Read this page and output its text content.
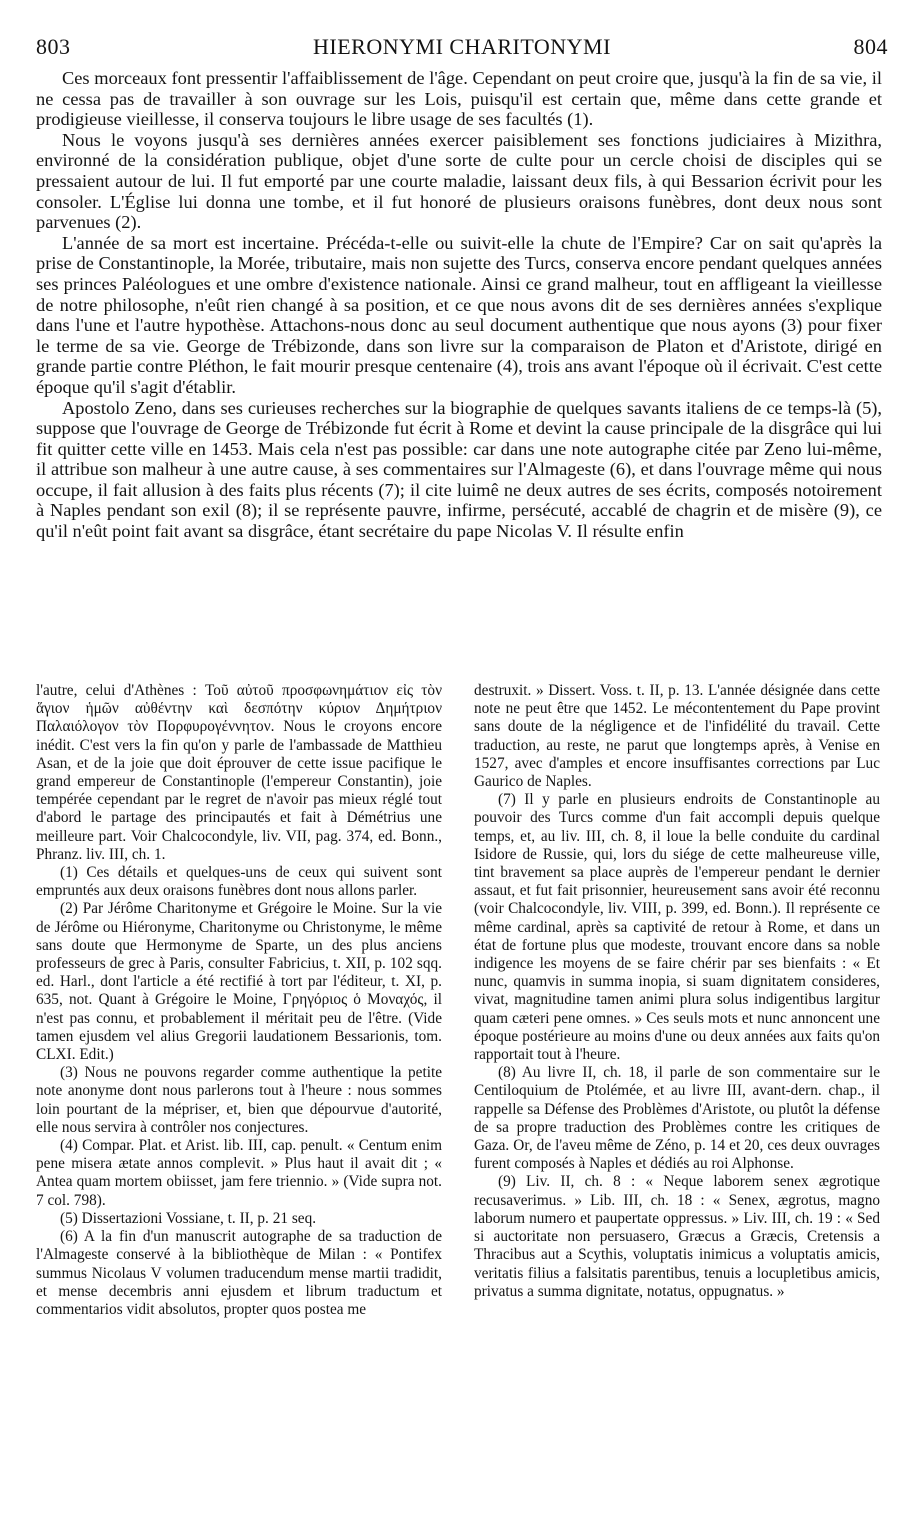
803	HIERONYMI CHARITONYMI	804

Ces morceaux font pressentir l'affaiblissement de l'âge. Cependant on peut croire que, jusqu'à la fin de sa vie, il ne cessa pas de travailler à son ouvrage sur les Lois, puisqu'il est certain que, même dans cette grande et prodigieuse vieillesse, il conserva toujours le libre usage de ses facultés (1).

Nous le voyons jusqu'à ses dernières années exercer paisiblement ses fonctions judiciaires à Mizithra, environné de la considération publique, objet d'une sorte de culte pour un cercle choisi de disciples qui se pressaient autour de lui. Il fut emporté par une courte maladie, laissant deux fils, à qui Bessarion écrivit pour les consoler. L'Église lui donna une tombe, et il fut honoré de plusieurs oraisons funèbres, dont deux nous sont parvenues (2).

L'année de sa mort est incertaine. Précéda-t-elle ou suivit-elle la chute de l'Empire? Car on sait qu'après la prise de Constantinople, la Morée, tributaire, mais non sujette des Turcs, conserva encore pendant quelques années ses princes Paléologues et une ombre d'existence nationale. Ainsi ce grand malheur, tout en affligeant la vieillesse de notre philosophe, n'eût rien changé à sa position, et ce que nous avons dit de ses dernières années s'explique dans l'une et l'autre hypothèse. Attachons-nous donc au seul document authentique que nous ayons (3) pour fixer le terme de sa vie. George de Trébizonde, dans son livre sur la comparaison de Platon et d'Aristote, dirigé en grande partie contre Pléthon, le fait mourir presque centenaire (4), trois ans avant l'époque où il écrivait. C'est cette époque qu'il s'agit d'établir.

Apostolo Zeno, dans ses curieuses recherches sur la biographie de quelques savants italiens de ce temps-là (5), suppose que l'ouvrage de George de Trébizonde fut écrit à Rome et devint la cause principale de la disgrâce qui lui fit quitter cette ville en 1453. Mais cela n'est pas possible: car dans une note autographe citée par Zeno lui-même, il attribue son malheur à une autre cause, à ses commentaires sur l'Almageste (6), et dans l'ouvrage même qui nous occupe, il fait allusion à des faits plus récents (7); il cite luimê ne deux autres de ses écrits, composés notoirement à Naples pendant son exil (8); il se représente pauvre, infirme, persécuté, accablé de chagrin et de misère (9), ce qu'il n'eût point fait avant sa disgrâce, étant secrétaire du pape Nicolas V. Il résulte enfin

l'autre, celui d'Athènes : Τοῦ αὐτοῦ προσφωνημάτιον εἰς τὸν ἅγιον ἡμῶν αὐθέντην καὶ δεσπότην κύριον Δημήτριον Παλαιόλογον τὸν Πορφυρογέννητον. Nous le croyons encore inédit. C'est vers la fin qu'on y parle de l'ambassade de Matthieu Asan, et de la joie que doit éprouver de cette issue pacifique le grand empereur de Constantinople (l'empereur Constantin), joie tempérée cependant par le regret de n'avoir pas mieux réglé tout d'abord le partage des principautés et fait à Démétrius une meilleure part. Voir Chalcocondyle, liv. VII, pag. 374, ed. Bonn., Phranz. liv. III, ch. 1.

(1) Ces détails et quelques-uns de ceux qui suivent sont empruntés aux deux oraisons funèbres dont nous allons parler.

(2) Par Jérôme Charitonyme et Grégoire le Moine. Sur la vie de Jérôme ou Hiéronyme, Charitonyme ou Christonyme, le même sans doute que Hermonyme de Sparte, un des plus anciens professeurs de grec à Paris, consulter Fabricius, t. XII, p. 102 sqq. ed. Harl., dont l'article a été rectifié à tort par l'éditeur, t. XI, p. 635, not. Quant à Grégoire le Moine, Γρηγόριος ὁ Μοναχός, il n'est pas connu, et probablement il méritait peu de l'être. (Vide tamen ejusdem vel alius Gregorii laudationem Bessarionis, tom. CLXI. Edit.)

(3) Nous ne pouvons regarder comme authentique la petite note anonyme dont nous parlerons tout à l'heure : nous sommes loin pourtant de la mépriser, et, bien que dépourvue d'autorité, elle nous servira à contrôler nos conjectures.

(4) Compar. Plat. et Arist. lib. III, cap. penult. « Centum enim pene misera ætate annos complevit. » Plus haut il avait dit ; « Antea quam mortem obiisset, jam fere triennio. » (Vide supra not. 7 col. 798).

(5) Dissertazioni Vossiane, t. II, p. 21 seq.

(6) A la fin d'un manuscrit autographe de sa traduction de l'Almageste conservé à la bibliothèque de Milan : « Pontifex summus Nicolaus V volumen traducendum mense martii tradidit, et mense decembris anni ejusdem et librum traductum et commentarios vidit absolutos, propter quos postea me

destruxit. » Dissert. Voss. t. II, p. 13. L'année désignée dans cette note ne peut être que 1452. Le mécontentement du Pape provint sans doute de la négligence et de l'infidélité du travail. Cette traduction, au reste, ne parut que longtemps après, à Venise en 1527, avec d'amples et encore insuffisantes corrections par Luc Gaurico de Naples.

(7) Il y parle en plusieurs endroits de Constantinople au pouvoir des Turcs comme d'un fait accompli depuis quelque temps, et, au liv. III, ch. 8, il loue la belle conduite du cardinal Isidore de Russie, qui, lors du siége de cette malheureuse ville, tint bravement sa place auprès de l'empereur pendant le dernier assaut, et fut fait prisonnier, heureusement sans avoir été reconnu (voir Chalcocondyle, liv. VIII, p. 399, ed. Bonn.). Il représente ce même cardinal, après sa captivité de retour à Rome, et dans un état de fortune plus que modeste, trouvant encore dans sa noble indigence les moyens de se faire chérir par ses bienfaits : « Et nunc, quamvis in summa inopia, si suam dignitatem consideres, vivat, magnitudine tamen animi plura solus indigentibus largitur quam cæteri pene omnes. » Ces seuls mots et nunc annoncent une époque postérieure au moins d'une ou deux années aux faits qu'on rapportait tout à l'heure.

(8) Au livre II, ch. 18, il parle de son commentaire sur le Centiloquium de Ptolémée, et au livre III, avant-dern. chap., il rappelle sa Défense des Problèmes d'Aristote, ou plutôt la défense de sa propre traduction des Problèmes contre les critiques de Gaza. Or, de l'aveu même de Zéno, p. 14 et 20, ces deux ouvrages furent composés à Naples et dédiés au roi Alphonse.

(9) Liv. II, ch. 8 : « Neque laborem senex ægrotique recusaverimus. » Lib. III, ch. 18 : « Senex, ægrotus, magno laborum numero et paupertate oppressus. » Liv. III, ch. 19 : « Sed si auctoritate non persuasero, Græcus a Græcis, Cretensis a Thracibus aut a Scythis, voluptatis inimicus a voluptatis amicis, veritatis filius a falsitatis parentibus, tenuis a locupletibus amicis, privatus a summa dignitate, notatus, oppugnatus. »
